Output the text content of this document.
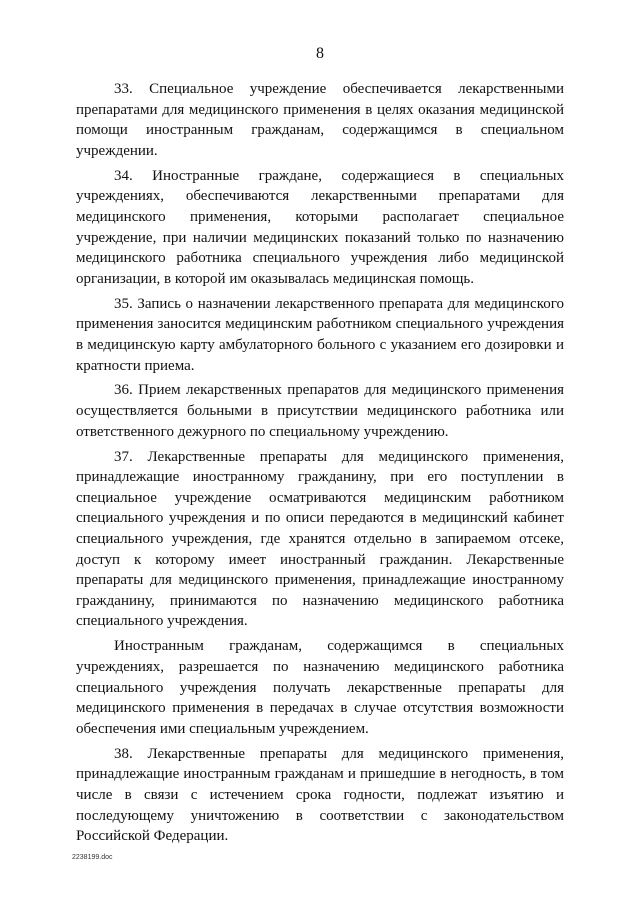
8

33. Специальное учреждение обеспечивается лекарственными препаратами для медицинского применения в целях оказания медицинской помощи иностранным гражданам, содержащимся в специальном учреждении.

34. Иностранные граждане, содержащиеся в специальных учреждениях, обеспечиваются лекарственными препаратами для медицинского применения, которыми располагает специальное учреждение, при наличии медицинских показаний только по назначению медицинского работника специального учреждения либо медицинской организации, в которой им оказывалась медицинская помощь.

35. Запись о назначении лекарственного препарата для медицинского применения заносится медицинским работником специального учреждения в медицинскую карту амбулаторного больного с указанием его дозировки и кратности приема.

36. Прием лекарственных препаратов для медицинского применения осуществляется больными в присутствии медицинского работника или ответственного дежурного по специальному учреждению.

37. Лекарственные препараты для медицинского применения, принадлежащие иностранному гражданину, при его поступлении в специальное учреждение осматриваются медицинским работником специального учреждения и по описи передаются в медицинский кабинет специального учреждения, где хранятся отдельно в запираемом отсеке, доступ к которому имеет иностранный гражданин. Лекарственные препараты для медицинского применения, принадлежащие иностранному гражданину, принимаются по назначению медицинского работника специального учреждения.

Иностранным гражданам, содержащимся в специальных учреждениях, разрешается по назначению медицинского работника специального учреждения получать лекарственные препараты для медицинского применения в передачах в случае отсутствия возможности обеспечения ими специальным учреждением.

38. Лекарственные препараты для медицинского применения, принадлежащие иностранным гражданам и пришедшие в негодность, в том числе в связи с истечением срока годности, подлежат изъятию и последующему уничтожению в соответствии с законодательством Российской Федерации.

2238199.doc
